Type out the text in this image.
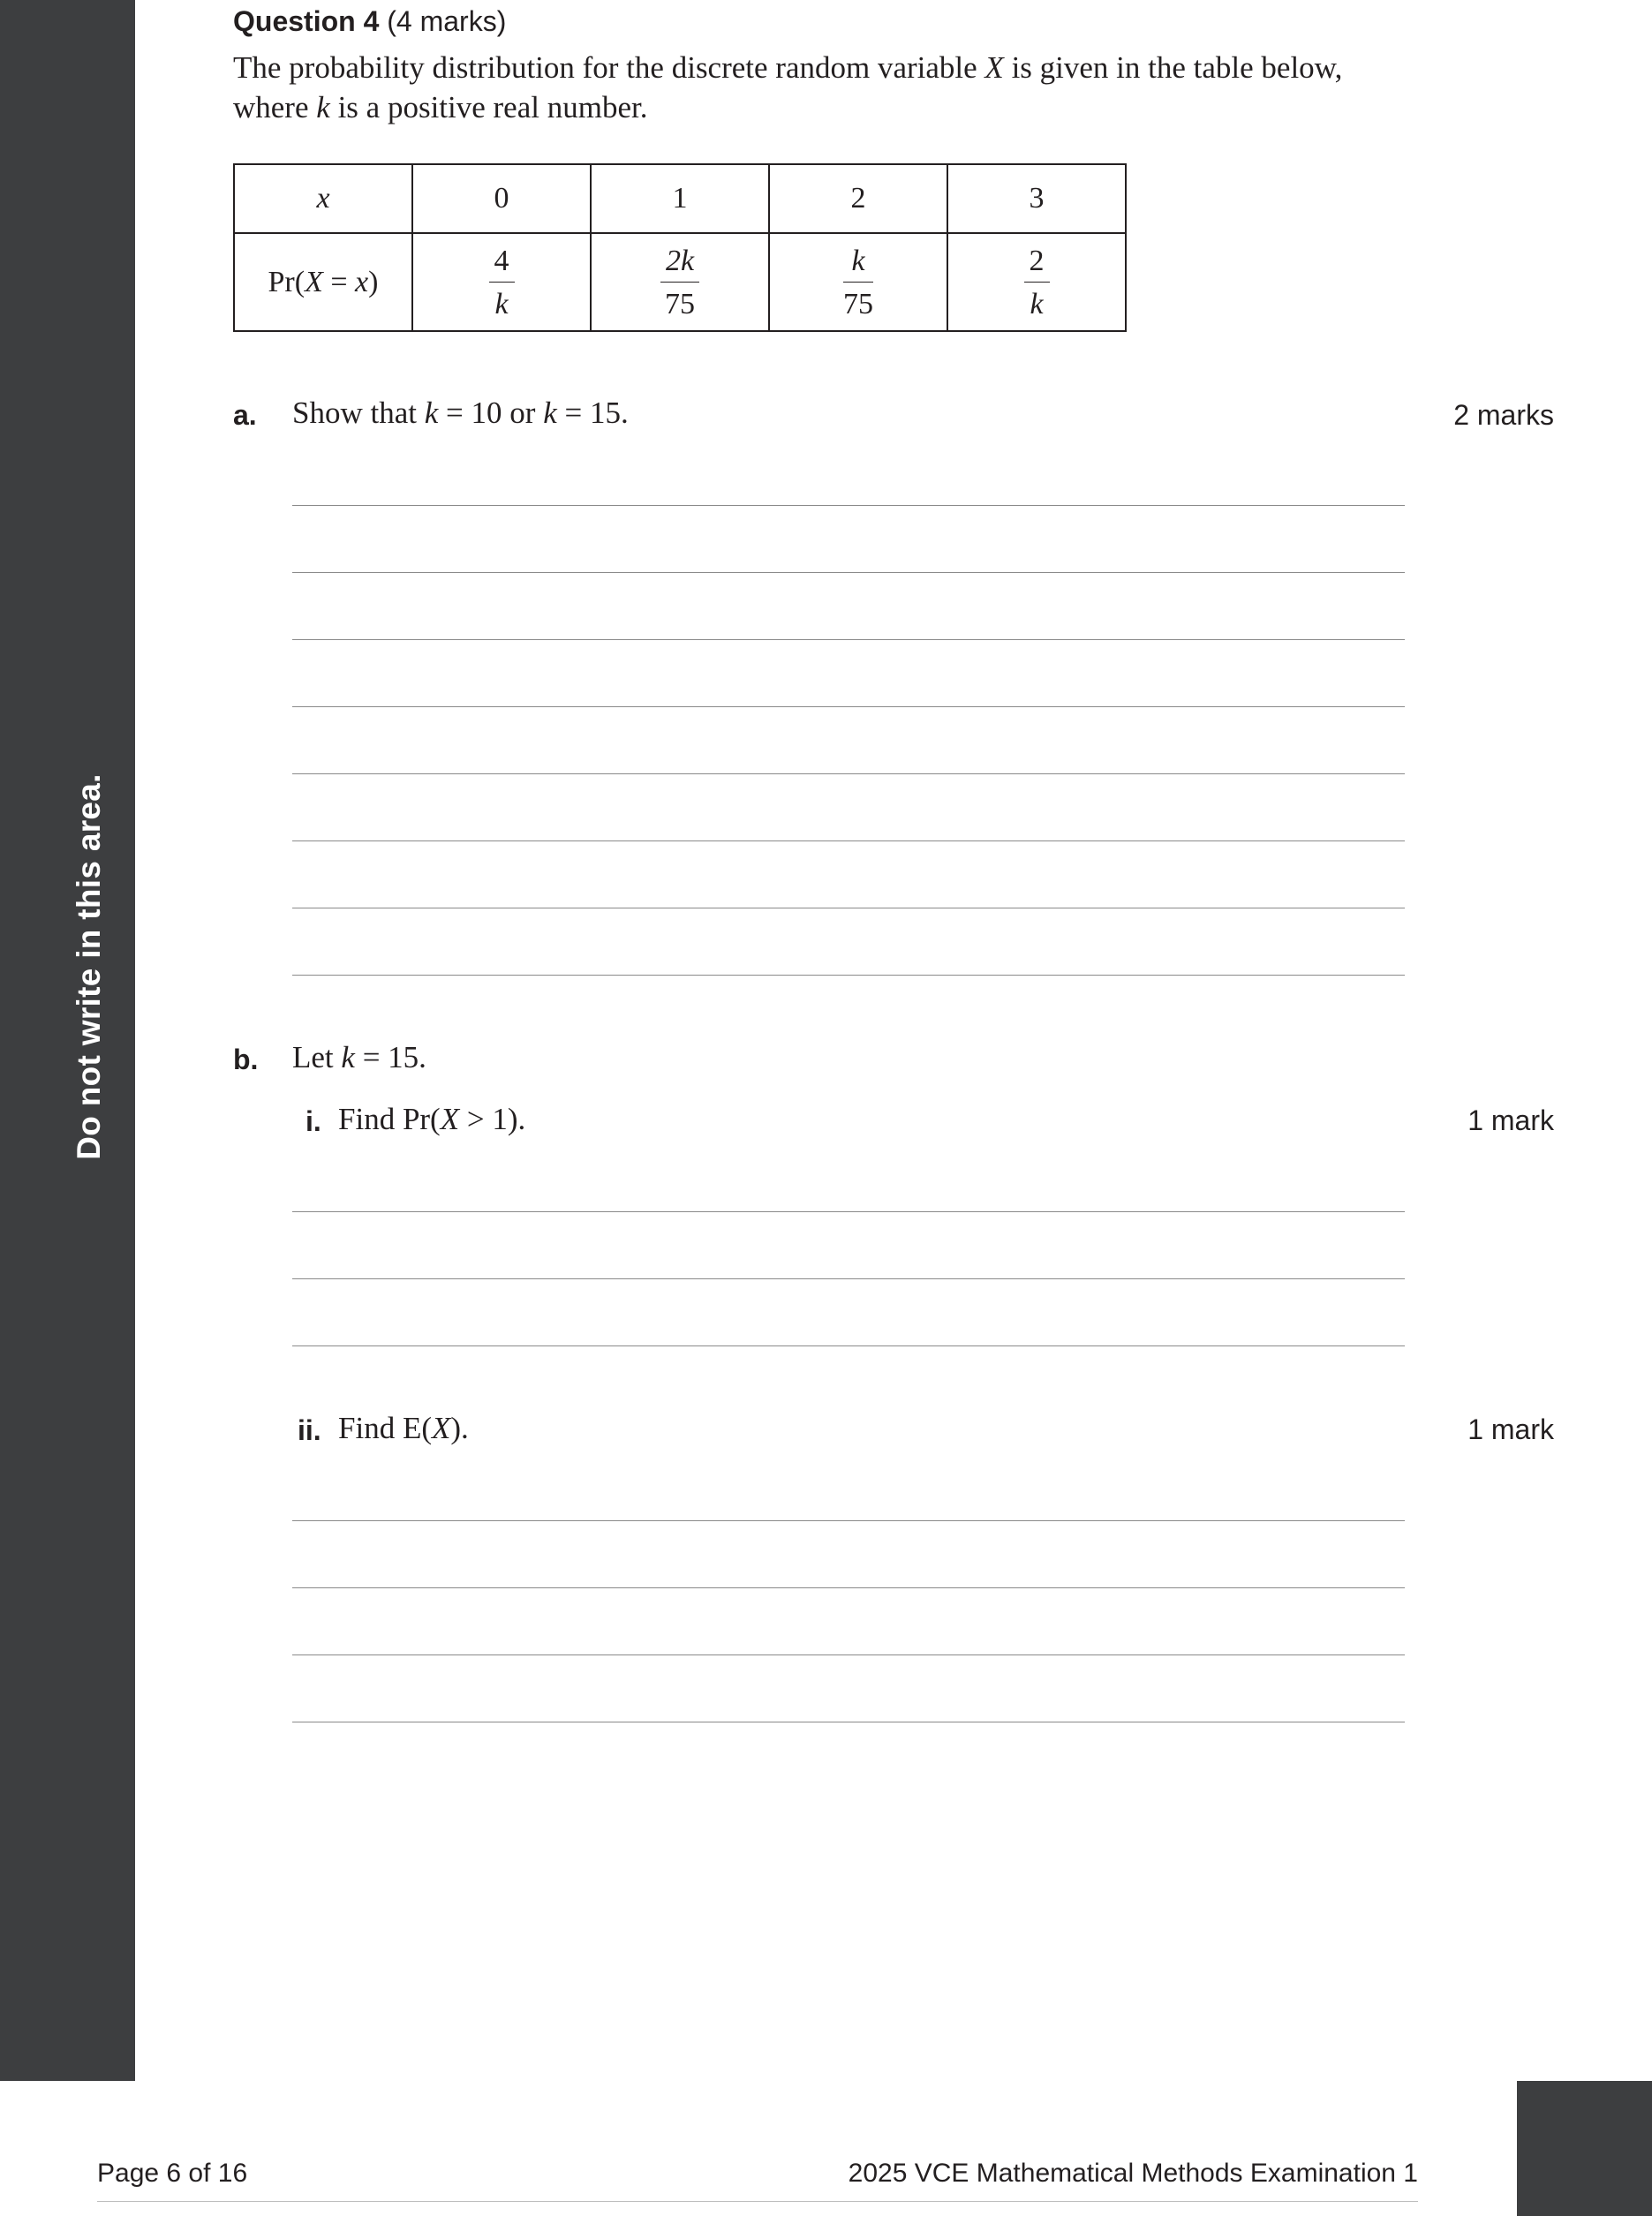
Do not write in this area.
Question 4 (4 marks)
The probability distribution for the discrete random variable X is given in the table below,
where k is a positive real number.
x	0	1	2	3
Pr(X = x)	$\frac{4}{k}$	$\frac{2k}{75}$	$\frac{k}{75}$	$\frac{2}{k}$
a. Show that k = 10 or k = 15.	2 marks
b. Let k = 15.
i. Find Pr(X > 1).	1 mark
ii. Find E(X).	1 mark
Page 6 of 16	2025 VCE Mathematical Methods Examination 1
